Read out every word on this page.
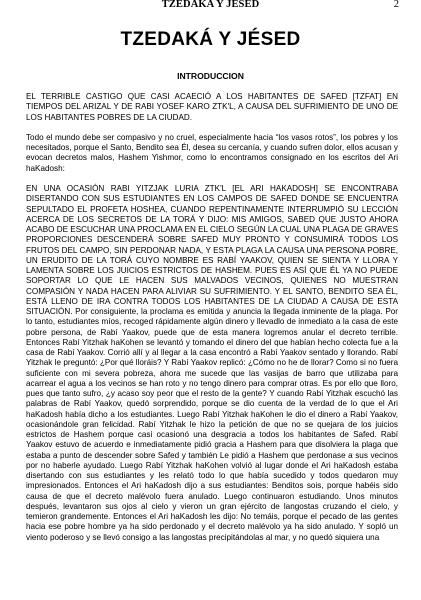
TZEDAKA Y JÉSED	2
TZEDAKÁ Y JÉSED
INTRODUCCION

EL TERRIBLE CASTIGO QUE CASI ACAECIÓ A LOS HABITANTES DE SAFED [TZFAT] EN TIEMPOS DEL ARIZAL Y DE RABI YOSEF KARO ZTK'L, A CAUSA DEL SUFRIMIENTO DE UNO DE LOS HABITANTES POBRES DE LA CIUDAD.

Todo el mundo debe ser compasivo y no cruel, especialmente hacia “los vasos rotos”, los pobres y los necesitados, porque el Santo, Bendito sea Él, desea su cercanía, y cuando sufren dolor, ellos acusan y evocan decretos malos, Hashem Yishmor, como lo encontramos consignado en los escritos del Ari haKadosh:

EN UNA OCASIÓN RABI YITZJAK LURIA ZTK'L [EL ARI HAKADOSH] SE ENCONTRABA DISERTANDO CON SUS ESTUDIANTES EN LOS CAMPOS DE SAFED DONDE SE ENCUENTRA SEPULTADO EL PROFETA HOSHEA, CUANDO REPENTINAMENTE INTERRUMPIÓ SU LECCIÓN ACERCA DE LOS SECRETOS DE LA TORÁ Y DIJO: MIS AMIGOS, SABED QUE JUSTO AHORA ACABO DE ESCUCHAR UNA PROCLAMA EN EL CIELO SEGÚN LA CUAL UNA PLAGA DE GRAVES PROPORCIONES DESCENDERÁ SOBRE SAFED MUY PRONTO Y CONSUMIRÁ TODOS LOS FRUTOS DEL CAMPO, SIN PERDONAR NADA, Y ESTA PLAGA LA CAUSA UNA PERSONA POBRE, UN ERUDITO DE LA TORÁ CUYO NOMBRE ES RABÍ YAAKOV, QUIEN SE SIENTA Y LLORA Y LAMENTA SOBRE LOS JUICIOS ESTRICTOS DE HASHEM. PUES ES ASÍ QUE ÉL YA NO PUEDE SOPORTAR LO QUE LE HACEN SUS MALVADOS VECINOS, QUIENES NO MUESTRAN COMPASIÓN Y NADA HACEN PARA ALIVIAR SU SUFRIMIENTO. Y EL SANTO, BENDITO SEA ÉL, ESTÁ LLENO DE IRA CONTRA TODOS LOS HABITANTES DE LA CIUDAD A CAUSA DE ESTA SITUACIÓN. Por consiguiente, la proclama es emitida y anuncia la llegada inminente de la plaga. Por lo tanto, estudiantes míos, recoged rápidamente algún dinero y llevadlo de inmediato a la casa de este pobre persona, de Rabí Yaakov, puede que de esta manera logremos anular el decreto terrible. Entonces Rabí Yitzhak haKohen se levantó y tomando el dinero del que habían hecho colecta fue a la casa de Rabí Yaakov. Corrió allí y al llegar a la casa encontró a Rabí Yaakov sentado y llorando. Rabí Yitzhak le preguntó: ¿Por qué lloráis? Y Rabí Yaakov replicó: ¿Cómo no he de llorar? Como si no fuera suficiente con mi severa pobreza, ahora me sucede que las vasijas de barro que utilizaba para acarrear el agua a los vecinos se han roto y no tengo dinero para comprar otras. Es por ello que lloro, pues que tanto sufro, ¿y acaso soy peor que el resto de la gente? Y cuando Rabí Yitzhak escuchó las palabras de Rabí Yaakov, quedó sorprendido, porque se dio cuenta de la verdad de lo que el Ari haKadosh había dicho a los estudiantes. Luego Rabí Yitzhak haKohen le dio el dinero a Rabí Yaakov, ocasionándole gran felicidad. Rabí Yitzhak le hizo la petición de que no se quejara de los juicios estrictos de Hashem porque casi ocasionó una desgracia a todos los habitantes de Safed. Rabí Yaakov estuvo de acuerdo e inmediatamente pidió gracia a Hashem para que disolviera la plaga que estaba a punto de descender sobre Safed y también Le pidió a Hashem que perdonase a sus vecinos por no haberle ayudado. Luego Rabí Yitzhak haKohen volvió al lugar donde el Ari haKadosh estaba disertando con sus estudiantes y les relató todo lo que había sucedido y todos quedaron muy impresionados. Entonces el Ari haKadosh dijo a sus estudiantes: Benditos sois, porque habéis sido causa de que el decreto malévolo fuera anulado. Luego continuaron estudiando. Unos minutos después, levantaron sus ojos al cielo y vieron un gran ejército de langostas cruzando el cielo, y temieron grandemente. Entonces el Ari haKadosh les dijo: No temáis, porque el pecado de las gentes hacia ese pobre hombre ya ha sido perdonado y el decreto malévolo ya ha sido anulado. Y sopló un viento poderoso y se llevó consigo a las langostas precipitándolas al mar, y no quedó siquiera una
